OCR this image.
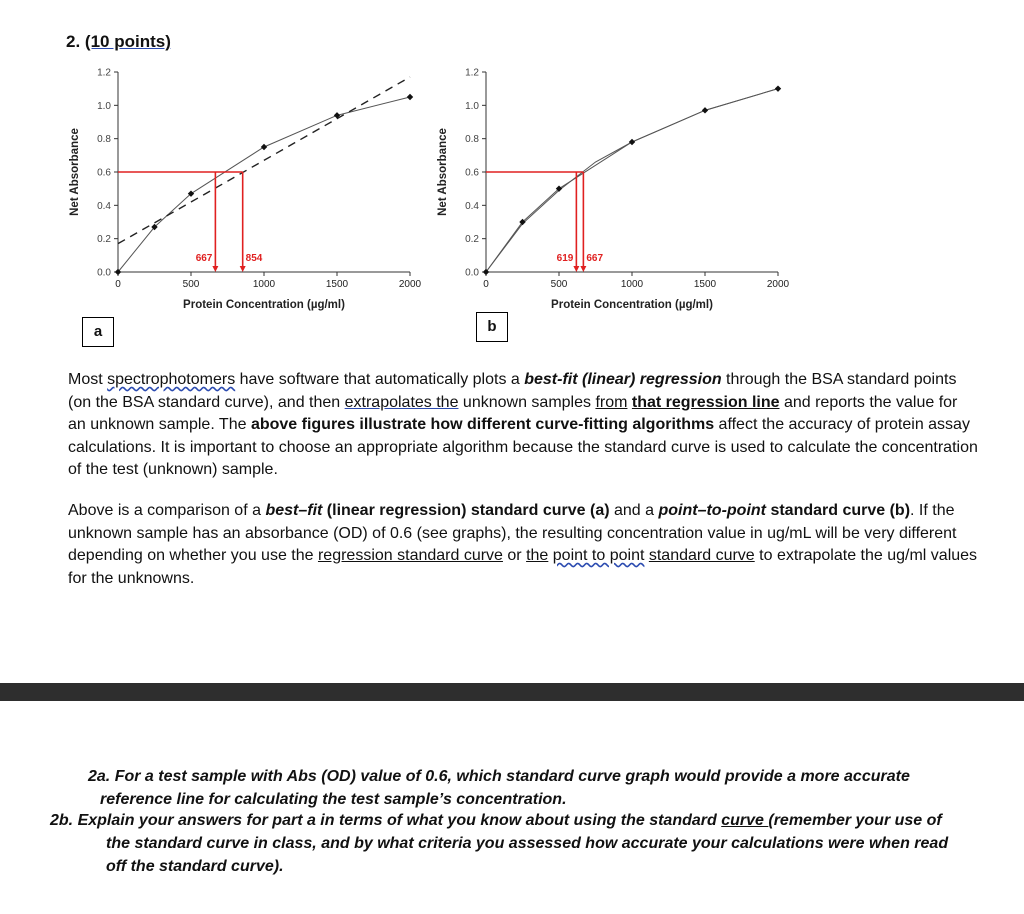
2. (10 points)
0.0
0.2
0.4
0.6
0.8
1.0
1.2
0	500	1000	1500	2000
Protein Concentration (µg/ml)
Net Absorbance
667	854
0.0
0.2
0.4
0.6
0.8
1.0
1.2
0	500	1000	1500	2000
Protein Concentration (µg/ml)
Net Absorbance
619 667
a	b
Most spectrophotomers have software that automatically plots a best-fit (linear) regression through the BSA standard points (on the BSA standard curve), and then extrapolates the unknown samples from that regression line and reports the value for an unknown sample. The above figures illustrate how different curve-fitting algorithms affect the accuracy of protein assay calculations. It is important to choose an appropriate algorithm because the standard curve is used to calculate the concentration of the test (unknown) sample.
Above is a comparison of a best–fit (linear regression) standard curve (a) and a point–to-point standard curve (b). If the unknown sample has an absorbance (OD) of 0.6 (see graphs), the resulting concentration value in ug/mL will be very different depending on whether you use the regression standard curve or the point to point standard curve to extrapolate the ug/ml values for the unknowns.
2a. For a test sample with Abs (OD) value of 0.6, which standard curve graph would provide a more accurate
reference line for calculating the test sample’s concentration.
2b. Explain your answers for part a in terms of what you know about using the standard curve (remember your use of
the standard curve in class, and by what criteria you assessed how accurate your calculations were when read
off the standard curve).
